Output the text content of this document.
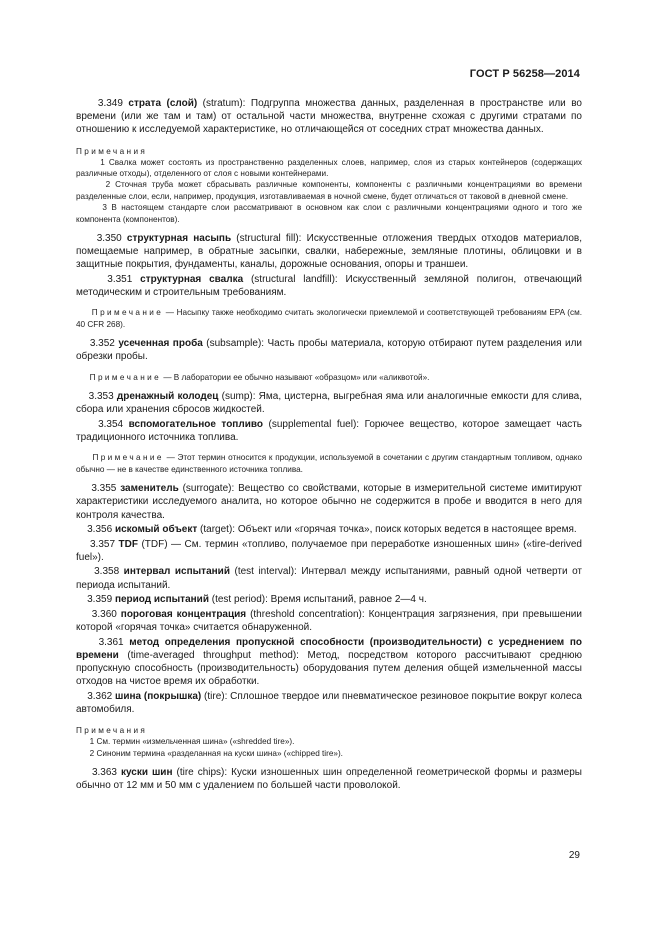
ГОСТ Р 56258—2014

3.349 страта (слой) (stratum): Подгруппа множества данных, разделенная в пространстве или во времени (или же там и там) от остальной части множества, внутренне схожая с другими стратами по отношению к исследуемой характеристике, но отличающейся от соседних страт множества данных.

Примечания

1 Свалка может состоять из пространственно разделенных слоев, например, слоя из старых контейнеров (содержащих различные отходы), отделенного от слоя с новыми контейнерами.

2 Сточная труба может сбрасывать различные компоненты, компоненты с различными концентрациями во времени разделенные слои, если, например, продукция, изготавливаемая в ночной смене, будет отличаться от таковой в дневной смене.

3 В настоящем стандарте слои рассматривают в основном как слои с различными концентрациями одного и того же компонента (компонентов).

3.350 структурная насыпь (structural fill): Искусственные отложения твердых отходов материалов, помещаемые например, в обратные засыпки, свалки, набережные, земляные плотины, облицовки и в защитные покрытия, фундаменты, каналы, дорожные основания, опоры и траншеи.

3.351 структурная свалка (structural landfill): Искусственный земляной полигон, отвечающий методическим и строительным требованиям.

Примечание — Насыпку также необходимо считать экологически приемлемой и соответствующей требованиям EPA (см. 40 CFR 268).

3.352 усеченная проба (subsample): Часть пробы материала, которую отбирают путем разделения или обрезки пробы.

Примечание — В лаборатории ее обычно называют «образцом» или «аликвотой».

3.353 дренажный колодец (sump): Яма, цистерна, выгребная яма или аналогичные емкости для слива, сбора или хранения сбросов жидкостей.

3.354 вспомогательное топливо (supplemental fuel): Горючее вещество, которое замещает часть традиционного источника топлива.

Примечание — Этот термин относится к продукции, используемой в сочетании с другим стандартным топливом, однако обычно — не в качестве единственного источника топлива.

3.355 заменитель (surrogate): Вещество со свойствами, которые в измерительной системе имитируют характеристики исследуемого аналита, но которое обычно не содержится в пробе и вводится в него для контроля качества.

3.356 искомый объект (target): Объект или «горячая точка», поиск которых ведется в настоящее время.

3.357 TDF (TDF) — См. термин «топливо, получаемое при переработке изношенных шин» («tire-derived fuel»).

3.358 интервал испытаний (test interval): Интервал между испытаниями, равный одной четверти от периода испытаний.

3.359 период испытаний (test period): Время испытаний, равное 2—4 ч.

3.360 пороговая концентрация (threshold concentration): Концентрация загрязнения, при превышении которой «горячая точка» считается обнаруженной.

3.361 метод определения пропускной способности (производительности) с усреднением по времени (time-averaged throughput method): Метод, посредством которого рассчитывают среднюю пропускную способность (производительность) оборудования путем деления общей измельченной массы отходов на чистое время их обработки.

3.362 шина (покрышка) (tire): Сплошное твердое или пневматическое резиновое покрытие вокруг колеса автомобиля.

Примечания

1 См. термин «измельченная шина» («shredded tire»).

2 Синоним термина «разделанная на куски шина» («chipped tire»).

3.363 куски шин (tire chips): Куски изношенных шин определенной геометрической формы и размеры обычно от 12 мм и 50 мм с удалением по большей части проволокой.

29
